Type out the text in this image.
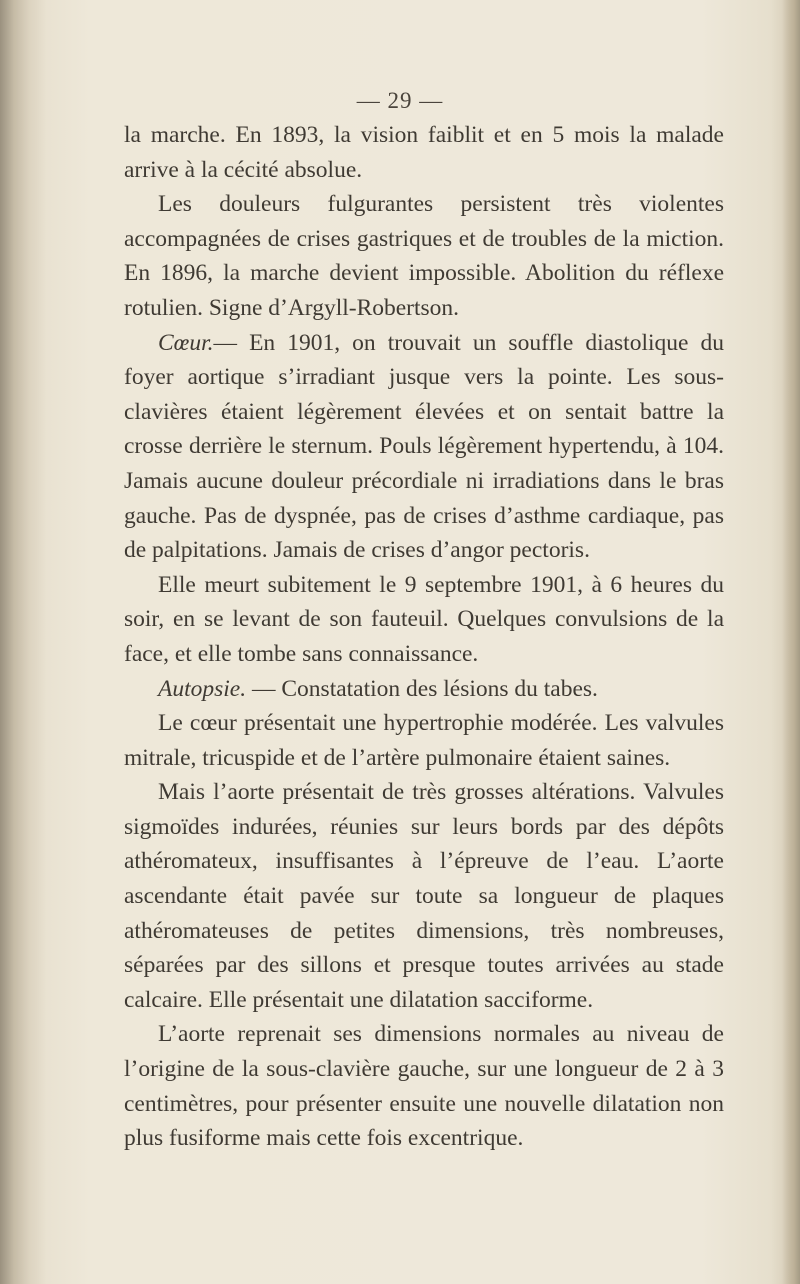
— 29 —

la marche. En 1893, la vision faiblit et en 5 mois la malade arrive à la cécité absolue.

Les douleurs fulgurantes persistent très violentes accompagnées de crises gastriques et de troubles de la miction. En 1896, la marche devient impossible. Abolition du réflexe rotulien. Signe d’Argyll-Robertson.

Cœur.— En 1901, on trouvait un souffle diastolique du foyer aortique s’irradiant jusque vers la pointe. Les sous-clavières étaient légèrement élevées et on sentait battre la crosse derrière le sternum. Pouls légèrement hypertendu, à 104. Jamais aucune douleur précordiale ni irradiations dans le bras gauche. Pas de dyspnée, pas de crises d’asthme cardiaque, pas de palpitations. Jamais de crises d’angor pectoris.

Elle meurt subitement le 9 septembre 1901, à 6 heures du soir, en se levant de son fauteuil. Quelques convulsions de la face, et elle tombe sans connaissance.

Autopsie. — Constatation des lésions du tabes.

Le cœur présentait une hypertrophie modérée. Les valvules mitrale, tricuspide et de l’artère pulmonaire étaient saines.

Mais l’aorte présentait de très grosses altérations. Valvules sigmoïdes indurées, réunies sur leurs bords par des dépôts athéromateux, insuffisantes à l’épreuve de l’eau. L’aorte ascendante était pavée sur toute sa longueur de plaques athéromateuses de petites dimensions, très nombreuses, séparées par des sillons et presque toutes arrivées au stade calcaire. Elle présentait une dilatation sacciforme.

L’aorte reprenait ses dimensions normales au niveau de l’origine de la sous-clavière gauche, sur une longueur de 2 à 3 centimètres, pour présenter ensuite une nouvelle dilatation non plus fusiforme mais cette fois excentrique.
